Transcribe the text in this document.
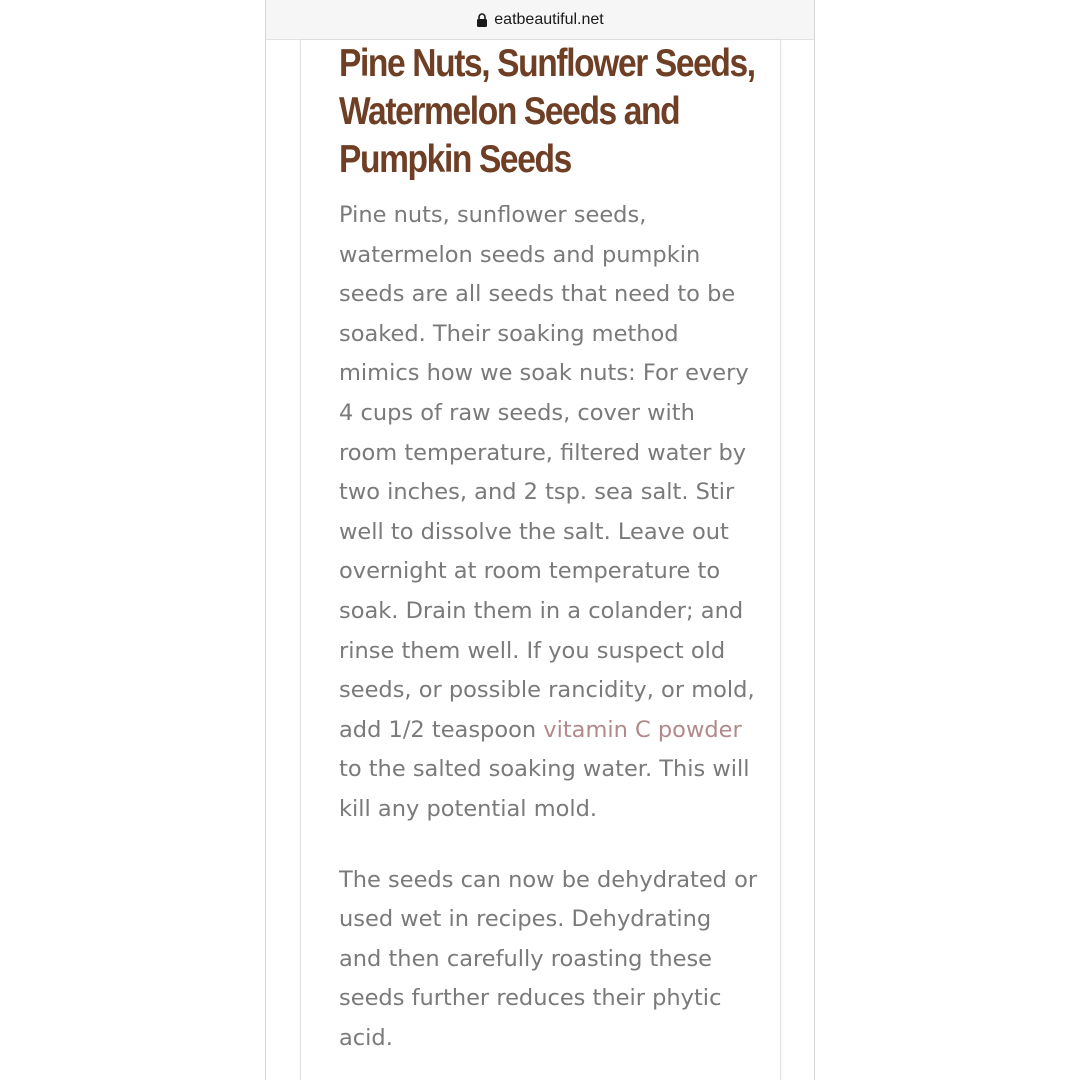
eatbeautiful.net
Pine Nuts, Sunflower Seeds, Watermelon Seeds and Pumpkin Seeds

Pine nuts, sunflower seeds, watermelon seeds and pumpkin seeds are all seeds that need to be soaked. Their soaking method mimics how we soak nuts: For every 4 cups of raw seeds, cover with room temperature, filtered water by two inches, and 2 tsp. sea salt. Stir well to dissolve the salt. Leave out overnight at room temperature to soak. Drain them in a colander; and rinse them well. If you suspect old seeds, or possible rancidity, or mold, add 1/2 teaspoon vitamin C powder to the salted soaking water. This will kill any potential mold.

The seeds can now be dehydrated or used wet in recipes. Dehydrating and then carefully roasting these seeds further reduces their phytic acid.
